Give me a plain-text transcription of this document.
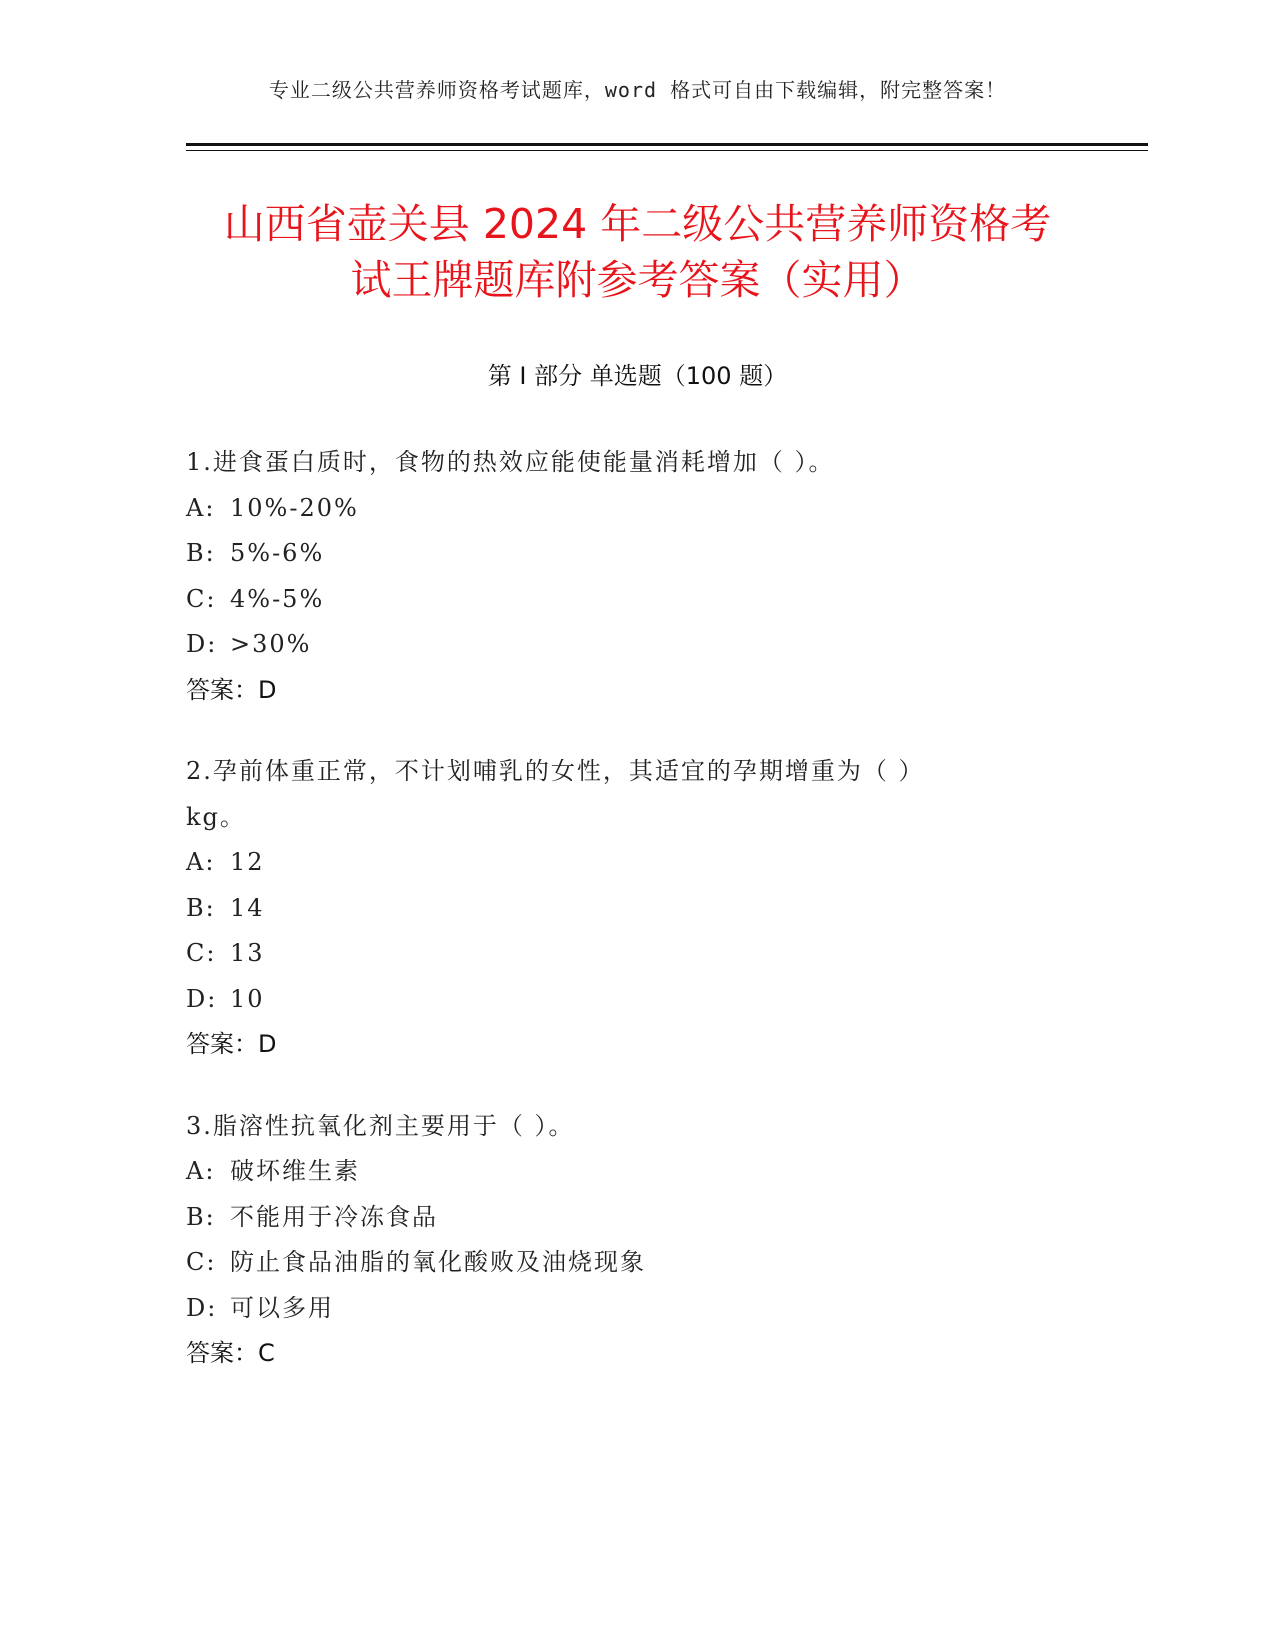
专业二级公共营养师资格考试题库，word 格式可自由下载编辑，附完整答案！
山西省壶关县 2024 年二级公共营养师资格考
试王牌题库附参考答案（实用）
第 I 部分 单选题（100 题）
1.进食蛋白质时，食物的热效应能使能量消耗增加（ ）。
A: 10%-20%
B: 5%-6%
C: 4%-5%
D: >30%
答案：D
2.孕前体重正常，不计划哺乳的女性，其适宜的孕期增重为（ ）
kg。
A: 12
B: 14
C: 13
D: 10
答案：D
3.脂溶性抗氧化剂主要用于（ ）。
A: 破坏维生素
B: 不能用于冷冻食品
C: 防止食品油脂的氧化酸败及油烧现象
D: 可以多用
答案：C
